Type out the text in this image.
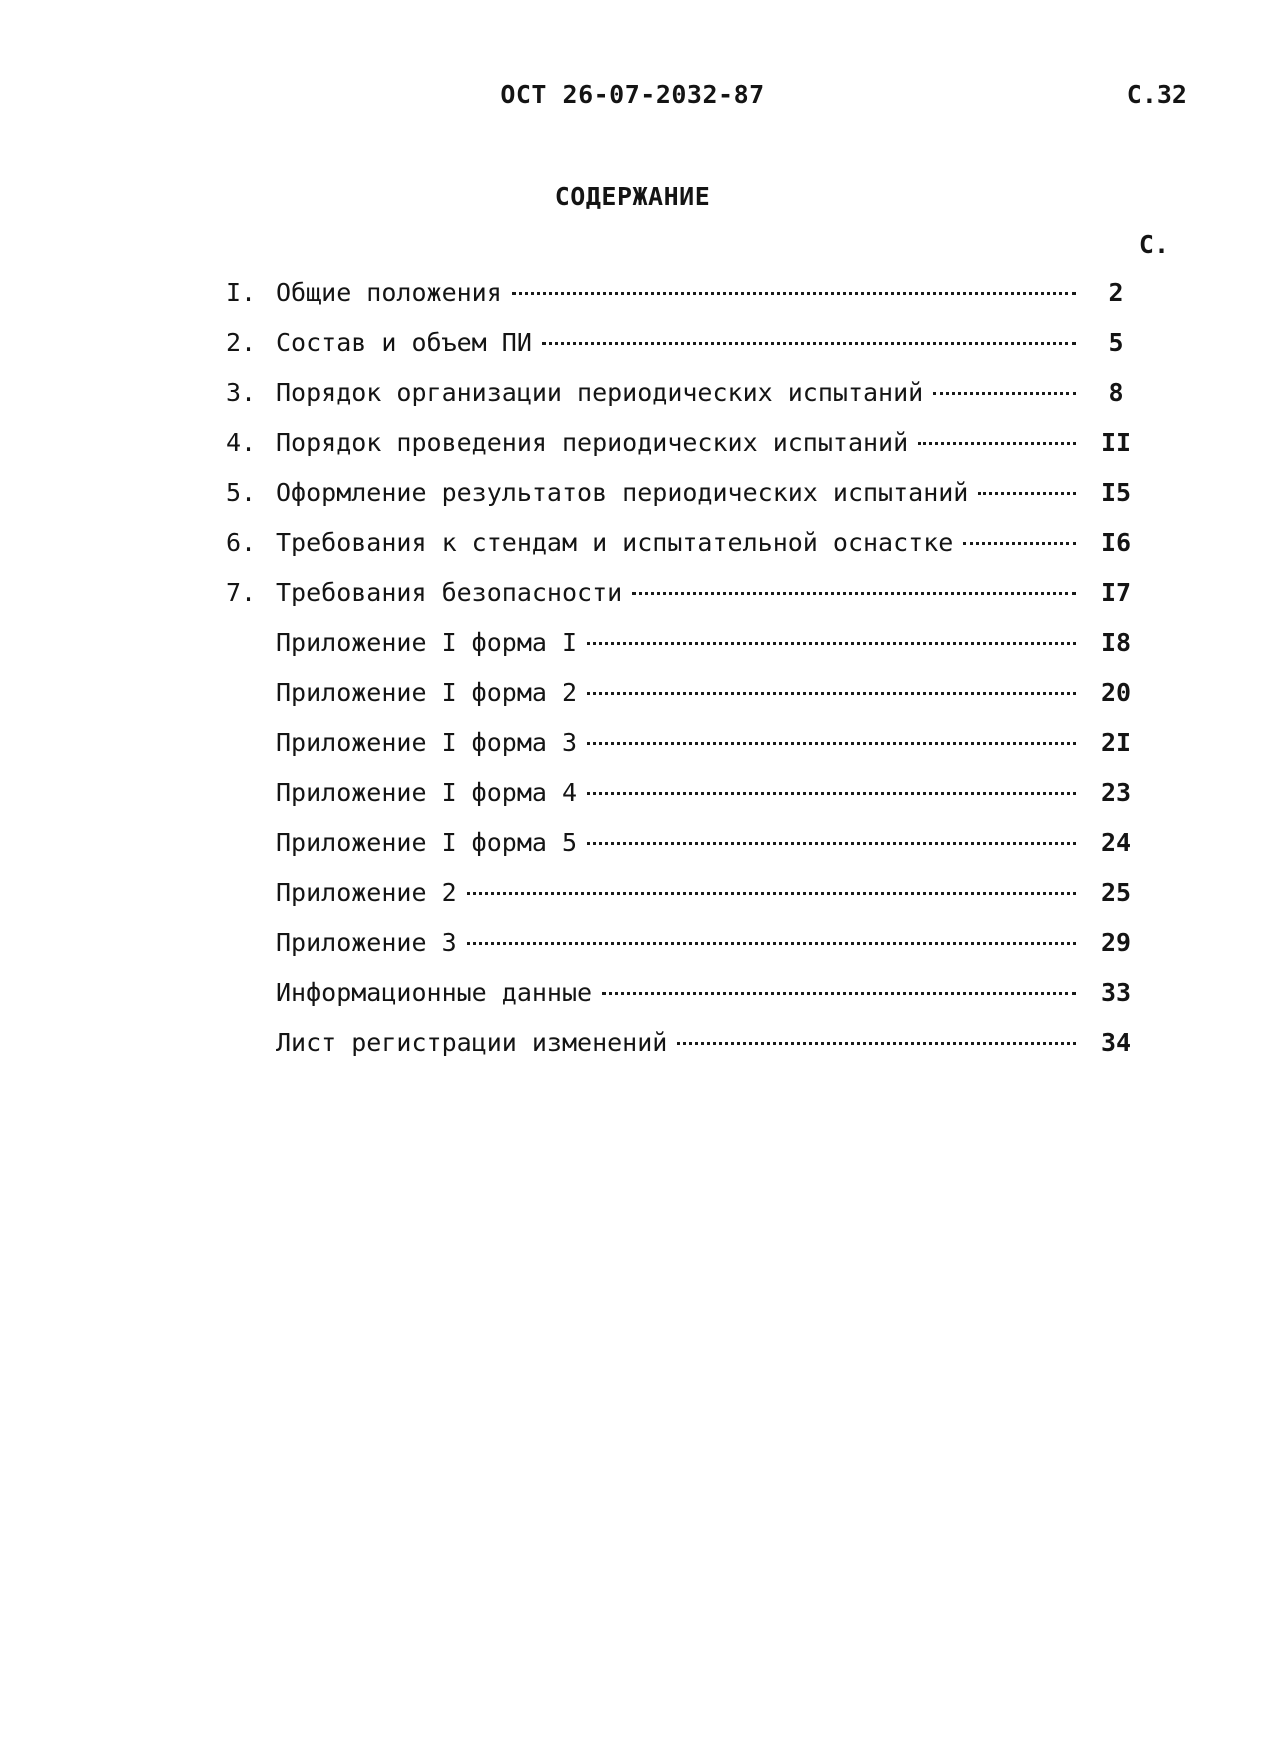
ОСТ 26-07-2032-87	С.32
СОДЕРЖАНИЕ
С.
I. Общие положения	2
2. Состав и объем ПИ	5
3. Порядок организации периодических испытаний	8
4. Порядок проведения периодических испытаний	II
5. Оформление результатов периодических испытаний	I5
6. Требования к стендам и испытательной оснастке	I6
7. Требования безопасности	I7
Приложение I форма I	I8
Приложение I форма 2	20
Приложение I форма 3	2I
Приложение I форма 4	23
Приложение I форма 5	24
Приложение 2	25
Приложение 3	29
Информационные данные	33
Лист регистрации изменений	34
